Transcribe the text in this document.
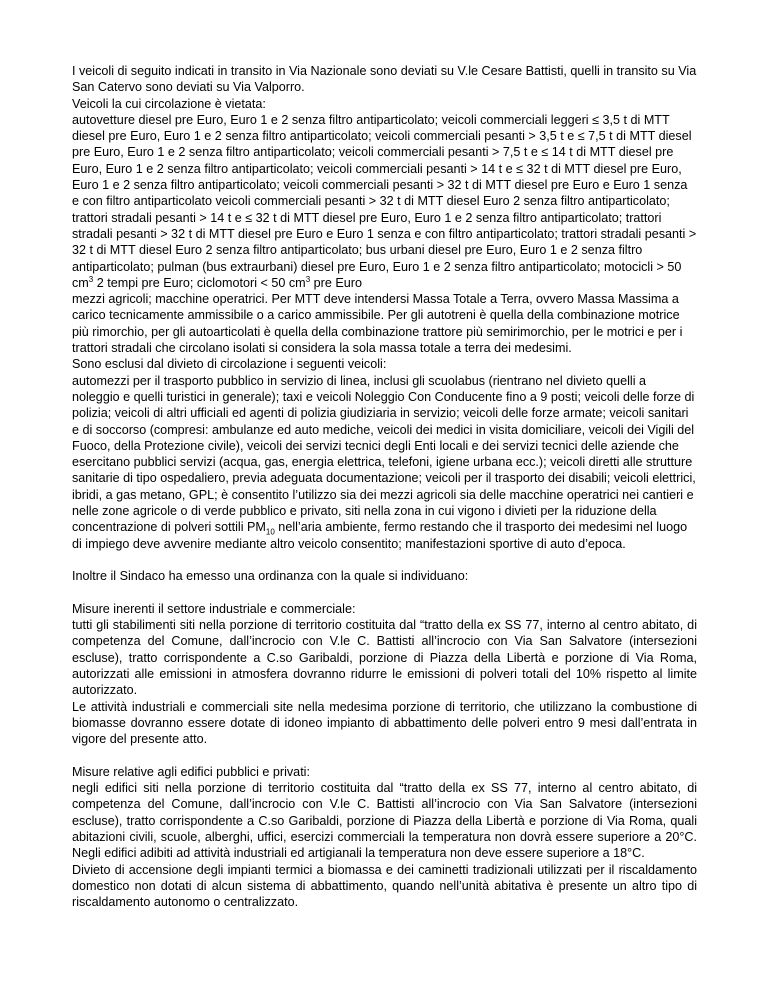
I veicoli di seguito indicati in transito in Via Nazionale sono deviati su V.le Cesare Battisti, quelli in transito su Via San Catervo sono deviati su Via Valporro.

Veicoli la cui circolazione è vietata:

autovetture diesel pre Euro, Euro 1 e 2 senza filtro antiparticolato; veicoli commerciali leggeri ≤ 3,5 t di MTT diesel pre Euro, Euro 1 e 2 senza filtro antiparticolato; veicoli commerciali pesanti > 3,5 t e ≤ 7,5 t di MTT diesel pre Euro, Euro 1 e 2 senza filtro antiparticolato; veicoli commerciali pesanti > 7,5 t e ≤ 14 t di MTT diesel pre Euro, Euro 1 e 2 senza filtro antiparticolato; veicoli commerciali pesanti > 14 t e ≤ 32 t di MTT diesel pre Euro, Euro 1 e 2 senza filtro antiparticolato; veicoli commerciali pesanti > 32 t di MTT diesel pre Euro e Euro 1 senza e con filtro antiparticolato veicoli commerciali pesanti > 32 t di MTT diesel Euro 2 senza filtro antiparticolato; trattori stradali pesanti > 14 t e ≤ 32 t di MTT diesel pre Euro, Euro 1 e 2 senza filtro antiparticolato; trattori stradali pesanti > 32 t di MTT diesel pre Euro e Euro 1 senza e con filtro antiparticolato; trattori stradali pesanti > 32 t di MTT diesel Euro 2 senza filtro antiparticolato; bus urbani diesel pre Euro, Euro 1 e 2 senza filtro antiparticolato; pulman (bus extraurbani) diesel pre Euro, Euro 1 e 2 senza filtro antiparticolato; motocicli > 50 $cm^3$ 2 tempi pre Euro; ciclomotori < 50 $cm^3$ pre Euro

mezzi agricoli; macchine operatrici. Per MTT deve intendersi Massa Totale a Terra, ovvero Massa Massima a carico tecnicamente ammissibile o a carico ammissibile. Per gli autotreni è quella della combinazione motrice più rimorchio, per gli autoarticolati è quella della combinazione trattore più semirimorchio, per le motrici e per i trattori stradali che circolano isolati si considera la sola massa totale a terra dei medesimi.

Sono esclusi dal divieto di circolazione i seguenti veicoli:

automezzi per il trasporto pubblico in servizio di linea, inclusi gli scuolabus (rientrano nel divieto quelli a noleggio e quelli turistici in generale); taxi e veicoli Noleggio Con Conducente fino a 9 posti; veicoli delle forze di polizia; veicoli di altri ufficiali ed agenti di polizia giudiziaria in servizio; veicoli delle forze armate; veicoli sanitari e di soccorso (compresi: ambulanze ed auto mediche, veicoli dei medici in visita domiciliare, veicoli dei Vigili del Fuoco, della Protezione civile), veicoli dei servizi tecnici degli Enti locali e dei servizi tecnici delle aziende che esercitano pubblici servizi (acqua, gas, energia elettrica, telefoni, igiene urbana ecc.); veicoli diretti alle strutture sanitarie di tipo ospedaliero, previa adeguata documentazione; veicoli per il trasporto dei disabili; veicoli elettrici, ibridi, a gas metano, GPL; è consentito l’utilizzo sia dei mezzi agricoli sia delle macchine operatrici nei cantieri e nelle zone agricole o di verde pubblico e privato, siti nella zona in cui vigono i divieti per la riduzione della concentrazione di polveri sottili $PM_{10}$ nell’aria ambiente, fermo restando che il trasporto dei medesimi nel luogo di impiego deve avvenire mediante altro veicolo consentito; manifestazioni sportive di auto d’epoca.

Inoltre il Sindaco ha emesso una ordinanza con la quale si individuano:

Misure inerenti il settore industriale e commerciale:

tutti gli stabilimenti siti nella porzione di territorio costituita dal “tratto della ex SS 77, interno al centro abitato, di competenza del Comune, dall’incrocio con V.le C. Battisti all’incrocio con Via San Salvatore (intersezioni escluse), tratto corrispondente a C.so Garibaldi, porzione di Piazza della Libertà e porzione di Via Roma, autorizzati alle emissioni in atmosfera dovranno ridurre le emissioni di polveri totali del 10% rispetto al limite autorizzato.

Le attività industriali e commerciali site nella medesima porzione di territorio, che utilizzano la combustione di biomasse dovranno essere dotate di idoneo impianto di abbattimento delle polveri entro 9 mesi dall’entrata in vigore del presente atto.

Misure relative agli edifici pubblici e privati:

negli edifici siti nella porzione di territorio costituita dal “tratto della ex SS 77, interno al centro abitato, di competenza del Comune, dall’incrocio con V.le C. Battisti all’incrocio con Via San Salvatore (intersezioni escluse), tratto corrispondente a C.so Garibaldi, porzione di Piazza della Libertà e porzione di Via Roma, quali abitazioni civili, scuole, alberghi, uffici, esercizi commerciali la temperatura non dovrà essere superiore a 20°C. Negli edifici adibiti ad attività industriali ed artigianali la temperatura non deve essere superiore a 18°C.

Divieto di accensione degli impianti termici a biomassa e dei caminetti tradizionali utilizzati per il riscaldamento domestico non dotati di alcun sistema di abbattimento, quando nell’unità abitativa è presente un altro tipo di riscaldamento autonomo o centralizzato.
